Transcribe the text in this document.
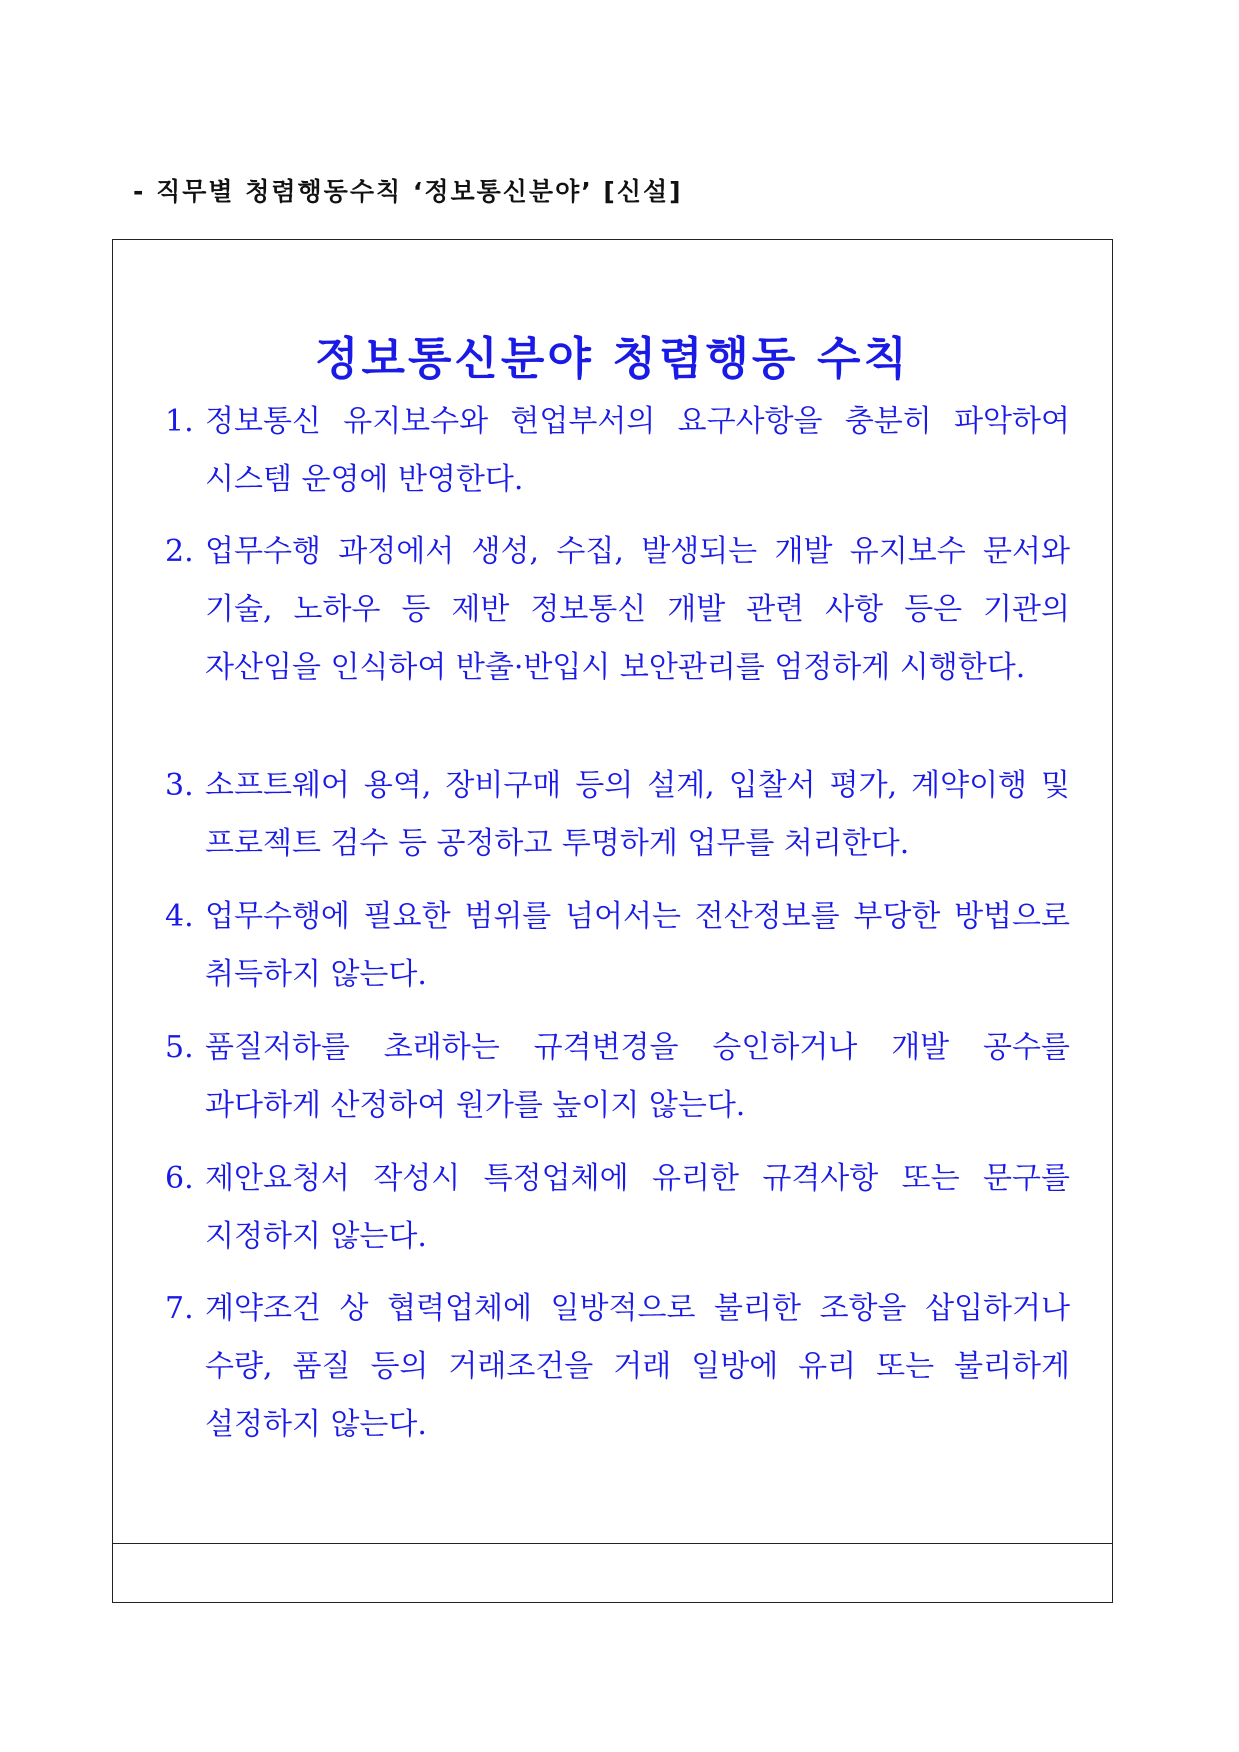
- 직무별 청렴행동수칙 ‘정보통신분야’ [신설]
정보통신분야 청렴행동 수칙
1. 정보통신 유지보수와 현업부서의 요구사항을 충분히 파악하여 시스템 운영에 반영한다.
2. 업무수행 과정에서 생성, 수집, 발생되는 개발 유지보수 문서와 기술, 노하우 등 제반 정보통신 개발 관련 사항 등은 기관의 자산임을 인식하여 반출·반입시 보안관리를 엄정하게 시행한다.
3. 소프트웨어 용역, 장비구매 등의 설계, 입찰서 평가, 계약이행 및 프로젝트 검수 등 공정하고 투명하게 업무를 처리한다.
4. 업무수행에 필요한 범위를 넘어서는 전산정보를 부당한 방법으로 취득하지 않는다.
5. 품질저하를 초래하는 규격변경을 승인하거나 개발 공수를 과다하게 산정하여 원가를 높이지 않는다.
6. 제안요청서 작성시 특정업체에 유리한 규격사항 또는 문구를 지정하지 않는다.
7. 계약조건 상 협력업체에 일방적으로 불리한 조항을 삽입하거나 수량, 품질 등의 거래조건을 거래 일방에 유리 또는 불리하게 설정하지 않는다.
